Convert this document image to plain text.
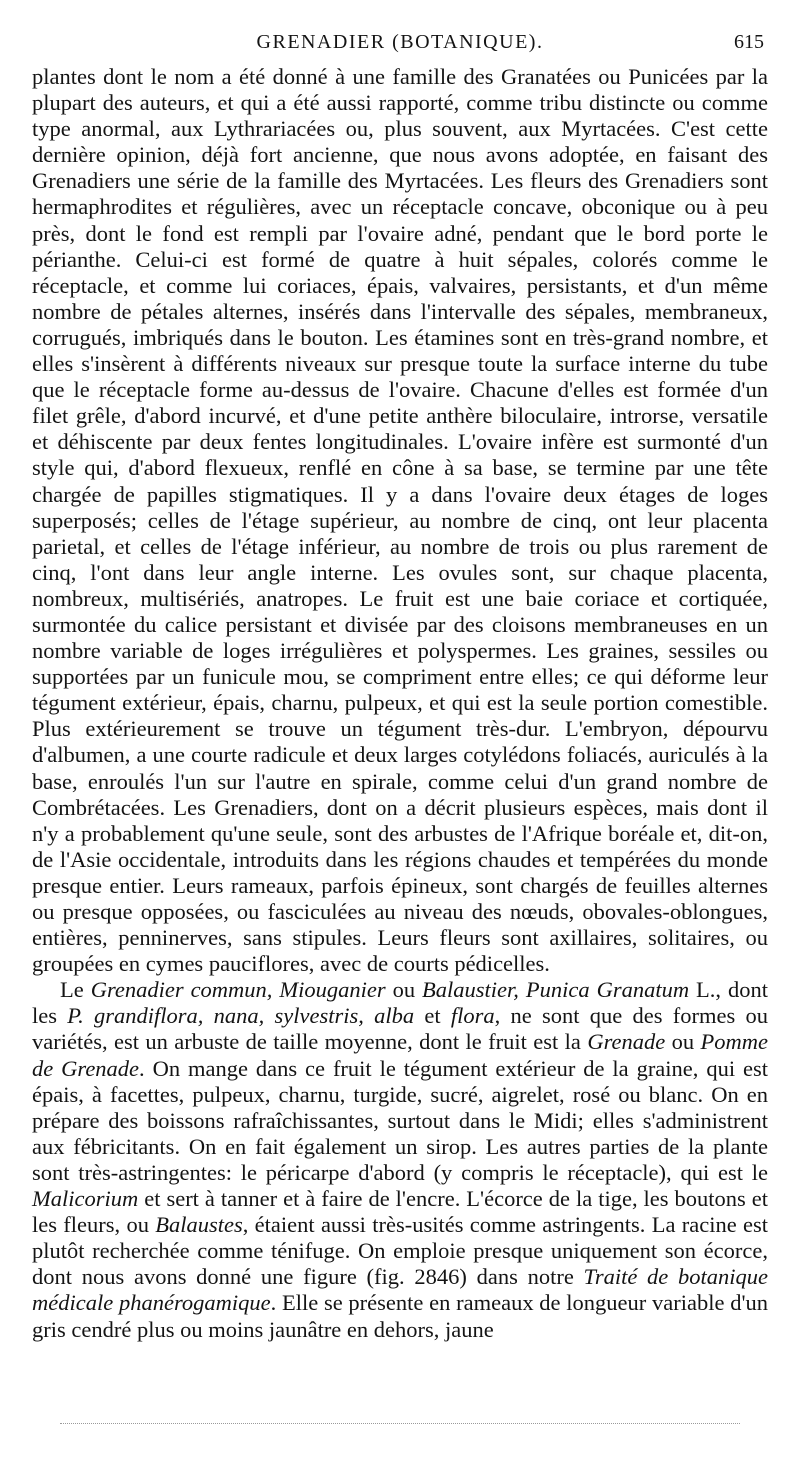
GRENADIER (BOTANIQUE).	615

plantes dont le nom a été donné à une famille des Granatées ou Punicées par la plupart des auteurs, et qui a été aussi rapporté, comme tribu distincte ou comme type anormal, aux Lythrariacées ou, plus souvent, aux Myrtacées. C'est cette dernière opinion, déjà fort ancienne, que nous avons adoptée, en faisant des Grenadiers une série de la famille des Myrtacées. Les fleurs des Grenadiers sont hermaphrodites et régulières, avec un réceptacle concave, obconique ou à peu près, dont le fond est rempli par l'ovaire adné, pendant que le bord porte le périanthe. Celui-ci est formé de quatre à huit sépales, colorés comme le réceptacle, et comme lui coriaces, épais, valvaires, persistants, et d'un même nombre de pétales alternes, insérés dans l'intervalle des sépales, membraneux, corrugués, imbriqués dans le bouton. Les étamines sont en très-grand nombre, et elles s'insèrent à différents niveaux sur presque toute la surface interne du tube que le réceptacle forme au-dessus de l'ovaire. Chacune d'elles est formée d'un filet grêle, d'abord incurvé, et d'une petite anthère biloculaire, introrse, versatile et déhiscente par deux fentes longitudinales. L'ovaire infère est surmonté d'un style qui, d'abord flexueux, renflé en cône à sa base, se termine par une tête chargée de papilles stigmatiques. Il y a dans l'ovaire deux étages de loges superposés; celles de l'étage supérieur, au nombre de cinq, ont leur placenta parietal, et celles de l'étage inférieur, au nombre de trois ou plus rarement de cinq, l'ont dans leur angle interne. Les ovules sont, sur chaque placenta, nombreux, multisériés, anatropes. Le fruit est une baie coriace et cortiquée, surmontée du calice persistant et divisée par des cloisons membraneuses en un nombre variable de loges irrégulières et polyspermes. Les graines, sessiles ou supportées par un funicule mou, se compriment entre elles; ce qui déforme leur tégument extérieur, épais, charnu, pulpeux, et qui est la seule portion comestible. Plus extérieurement se trouve un tégument très-dur. L'embryon, dépourvu d'albumen, a une courte radicule et deux larges cotylédons foliacés, auriculés à la base, enroulés l'un sur l'autre en spirale, comme celui d'un grand nombre de Combrétacées. Les Grenadiers, dont on a décrit plusieurs espèces, mais dont il n'y a probablement qu'une seule, sont des arbustes de l'Afrique boréale et, dit-on, de l'Asie occidentale, introduits dans les régions chaudes et tempérées du monde presque entier. Leurs rameaux, parfois épineux, sont chargés de feuilles alternes ou presque opposées, ou fasciculées au niveau des nœuds, obovales-oblongues, entières, penninerves, sans stipules. Leurs fleurs sont axillaires, solitaires, ou groupées en cymes pauciflores, avec de courts pédicelles.

Le Grenadier commun, Miouganier ou Balaustier, Punica Granatum L., dont les P. grandiflora, nana, sylvestris, alba et flora, ne sont que des formes ou variétés, est un arbuste de taille moyenne, dont le fruit est la Grenade ou Pomme de Grenade. On mange dans ce fruit le tégument extérieur de la graine, qui est épais, à facettes, pulpeux, charnu, turgide, sucré, aigrelet, rosé ou blanc. On en prépare des boissons rafraîchissantes, surtout dans le Midi; elles s'administrent aux fébricitants. On en fait également un sirop. Les autres parties de la plante sont très-astringentes: le péricarpe d'abord (y compris le réceptacle), qui est le Malicorium et sert à tanner et à faire de l'encre. L'écorce de la tige, les boutons et les fleurs, ou Balaustes, étaient aussi très-usités comme astringents. La racine est plutôt recherchée comme ténifuge. On emploie presque uniquement son écorce, dont nous avons donné une figure (fig. 2846) dans notre Traité de botanique médicale phanérogamique. Elle se présente en rameaux de longueur variable d'un gris cendré plus ou moins jaunâtre en dehors, jaune
